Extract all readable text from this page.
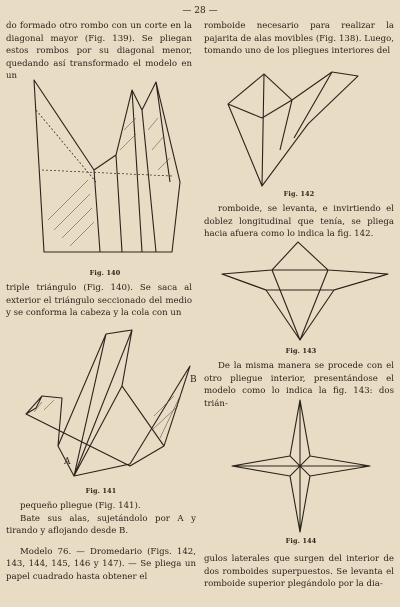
— 28 —

do formado otro rombo con un corte en la diagonal mayor (Fig. 139). Se pliegan estos rombos por su diagonal menor, quedando así transformado el modelo en un

Fig. 140

triple triángulo (Fig. 140). Se saca al exterior el triángulo seccionado del medio y se conforma la cabeza y la cola con un

A
B
Fig. 141

pequeño pliegue (Fig. 141).

Bate sus alas, sujetándolo por A y tirando y aflojando desde B.

Modelo 76. — Dromedario (Figs. 142, 143, 144, 145, 146 y 147). — Se pliega un papel cuadrado hasta obtener el

romboide necesario para realizar la pajarita de alas movibles (Fig. 138). Luego, tomando uno de los pliegues interiores del

Fig. 142

romboide, se levanta, e invirtiendo el doblez longitudinal que tenía, se pliega hacia afuera como lo indica la fig. 142.

Fig. 143

De la misma manera se procede con el otro pliegue interior, presentándose el modelo como lo indica la fig. 143: dos trián-

Fig. 144

gulos laterales que surgen del interior de dos romboides superpuestos. Se levanta el romboide superior plegándolo por la dia-
